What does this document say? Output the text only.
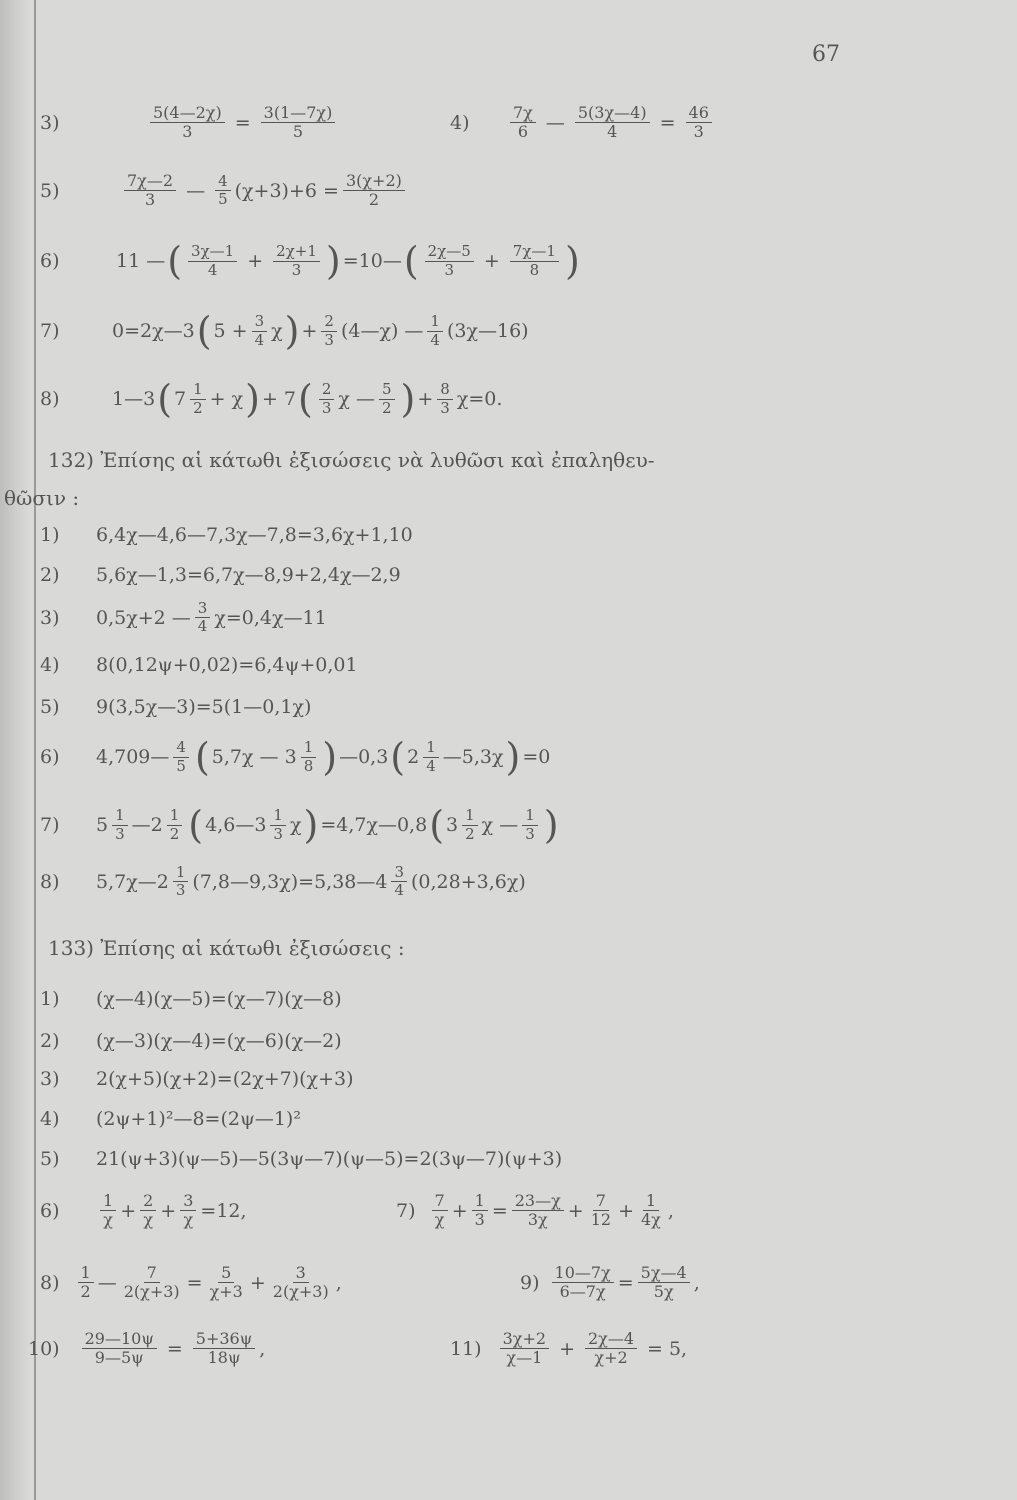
67
3)	$\frac{5(4—2\chi)}{3} = \frac{3(1—7\chi)}{5}$	4)	$\frac{7\chi}{6}$ — $\frac{5(3\chi—4)}{4} = \frac{46}{3}$
5)	$\frac{7\chi—2}{3}$ — $\frac{4}{5} (\chi+3)+6 = \frac{3(\chi+2)}{2}$
6)	11 — ( $\frac{3\chi—1}{4} + \frac{2\chi+1}{3}$ ) =10— ( $\frac{2\chi—5}{3} + \frac{7\chi—1}{8}$ )
7)	0=2χ—3 ( $5 + \frac{3}{4}$ χ ) + $\frac{2}{3}$ (4—χ) — $\frac{1}{4}$ (3χ—16)
8)	1—3 ( $7 \frac{1}{2} + \chi$ ) + 7 ( $\frac{2}{3}$ χ — $\frac{5}{2}$ ) + $\frac{8}{3} \chi=0$.
132) Ἐπίσης αἱ κάτωθι ἐξισώσεις νὰ λυθῶσι καὶ ἐπαληθευ-
θῶσιν :
1)	6,4χ—4,6—7,3χ—7,8=3,6χ+1,10
2)	5,6χ—1,3=6,7χ—8,9+2,4χ—2,9
3)	0,5χ+2 — $\frac{3}{4}$ χ=0,4χ—11
4)	8(0,12ψ+0,02)=6,4ψ+0,01
5)	9(3,5χ—3)=5(1—0,1χ)
6)	4,709— $\frac{4}{5}$ ( 5,7χ — $3 \frac{1}{8}$ ) —0,3 ( $2 \frac{1}{4}$ —5,3χ ) =0
7)	$5 \frac{1}{3}$ —2 $\frac{1}{2}$ ( 4,6—3 $\frac{1}{3}$ χ ) =4,7χ—0,8 ( $3 \frac{1}{2}$ χ — $\frac{1}{3}$ )
8)	5,7χ—2 $\frac{1}{3}$ (7,8—9,3χ)=5,38—4 $\frac{3}{4} (0,28+3,6\chi)$
133) Ἐπίσης αἱ κάτωθι ἐξισώσεις :
1)	(χ—4)(χ—5)=(χ—7)(χ—8)
2)	(χ—3)(χ—4)=(χ—6)(χ—2)
3)	2(χ+5)(χ+2)=(2χ+7)(χ+3)
4)	(2ψ+1)²—8=(2ψ—1)²
5)	21(ψ+3)(ψ—5)—5(3ψ—7)(ψ—5)=2(3ψ—7)(ψ+3)
6)	$\frac{1}{\chi} + \frac{2}{\chi} + \frac{3}{\chi} =12$,	$7) \frac{7}{\chi} + \frac{1}{3} = \frac{23—\chi}{3\chi} + \frac{7}{12} + \frac{1}{4\chi}$ ,
$8) \frac{1}{2}$ — $\frac{7}{2(\chi+3)} = \frac{5}{\chi+3} + \frac{3}{2(\chi+3)}$ ,	$9) \frac{10—7\chi}{6—7\chi} = \frac{5\chi—4}{5\chi}$ ,
$10) \frac{29—10\psi}{9—5\psi} = \frac{5+36\psi}{18\psi}$ ,	$11) \frac{3\chi+2}{\chi—1} + \frac{2\chi—4}{\chi+2} = 5$,
